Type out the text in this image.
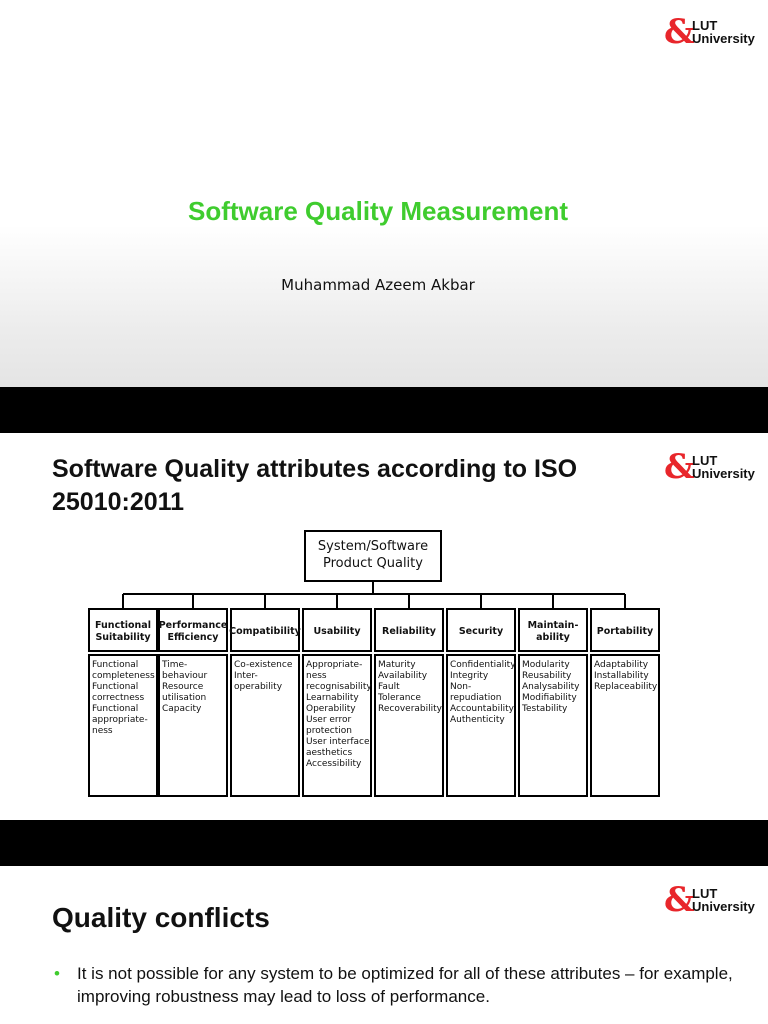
&
LUT
University
Software Quality Measurement
Muhammad Azeem Akbar
&
LUT
University
Software Quality attributes according to ISO 25010:2011
System/Software
Product Quality
Functional
Suitability
Functional
completeness
Functional
correctness
Functional
appropriate-
ness
Performance
Efficiency
Time-
behaviour
Resource
utilisation
Capacity
Compatibility
Co-existence
Inter-
operability
Usability
Appropriate-
ness
recognisability
Learnability
Operability
User error
protection
User interface
aesthetics
Accessibility
Reliability
Maturity
Availability
Fault
Tolerance
Recoverability
Security
Confidentiality
Integrity
Non-
repudiation
Accountability
Authenticity
Maintain-
ability
Modularity
Reusability
Analysability
Modifiability
Testability
Portability
Adaptability
Installability
Replaceability
&
LUT
University
Quality conflicts
•	It is not possible for any system to be optimized for all of these attributes – for example, improving robustness may lead to loss of performance.
